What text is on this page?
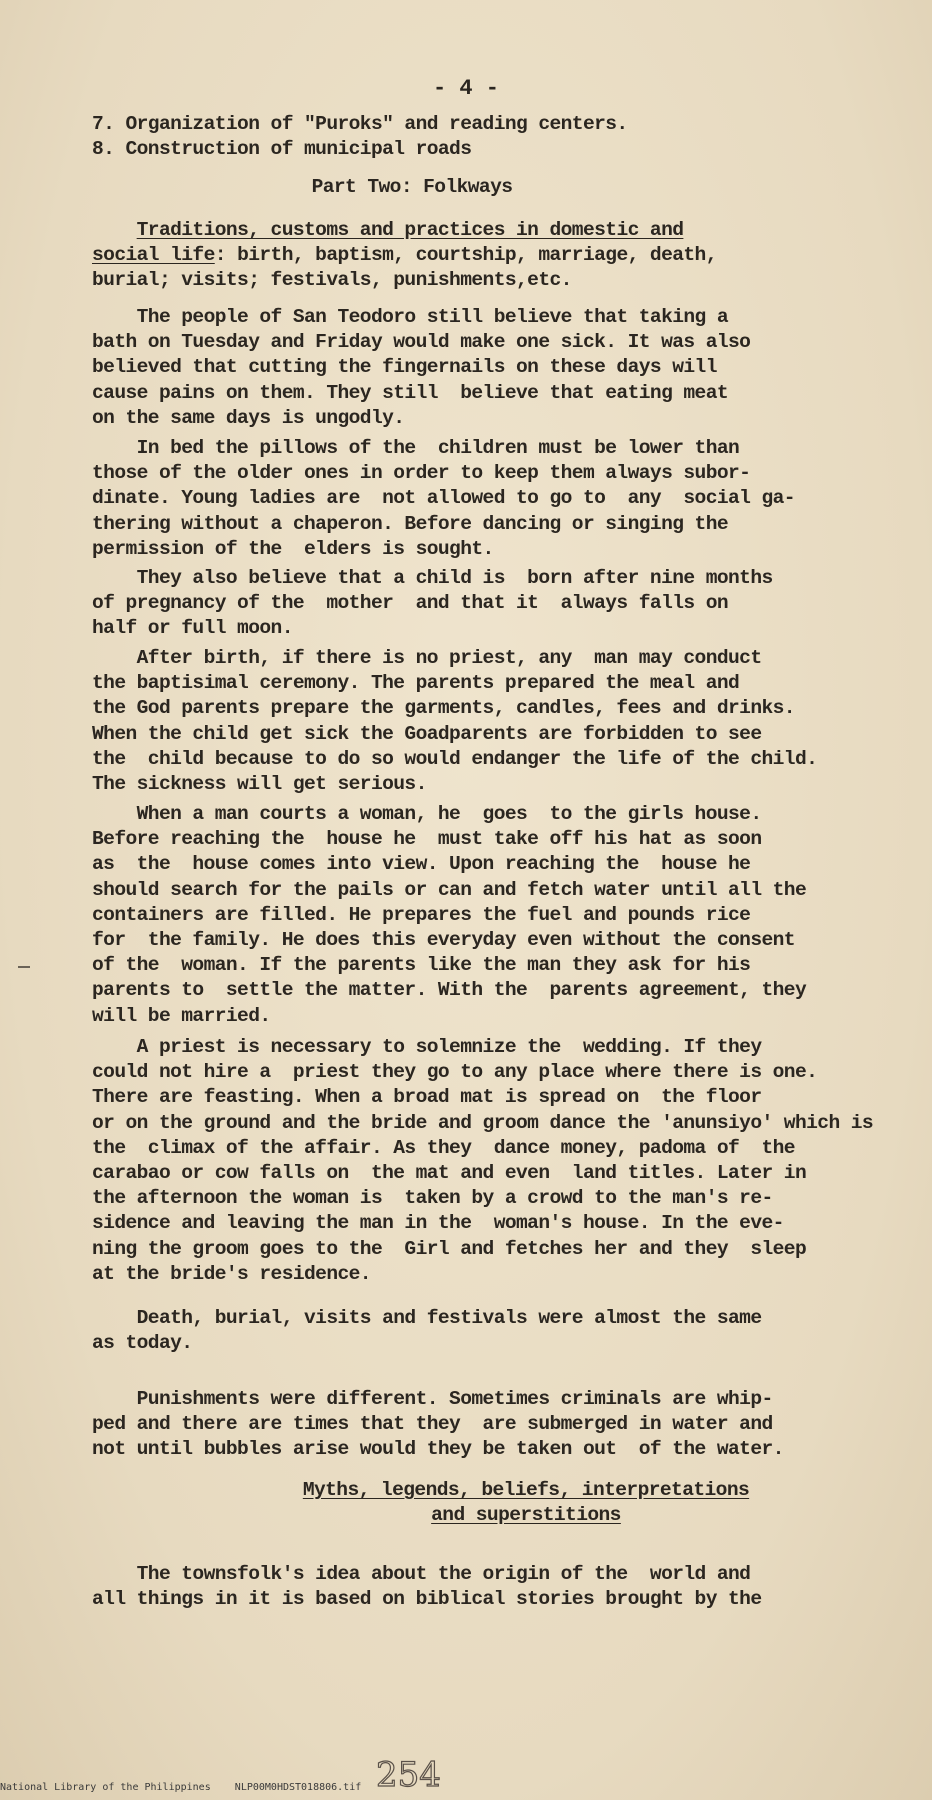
- 4 -

7. Organization of "Puroks" and reading centers.

8. Construction of municipal roads

Part Two: Folkways

Traditions, customs and practices in domestic and

social life: birth, baptism, courtship, marriage, death,

burial; visits; festivals, punishments,etc.

The people of San Teodoro still believe that taking a

bath on Tuesday and Friday would make one sick. It was also

believed that cutting the fingernails on these days will

cause pains on them. They still  believe that eating meat

on the same days is ungodly.

In bed the pillows of the  children must be lower than

those of the older ones in order to keep them always subor-

dinate. Young ladies are  not allowed to go to  any  social ga-

thering without a chaperon. Before dancing or singing the

permission of the  elders is sought.

They also believe that a child is  born after nine months

of pregnancy of the  mother  and that it  always falls on

half or full moon.

After birth, if there is no priest, any  man may conduct

the baptisimal ceremony. The parents prepared the meal and

the God parents prepare the garments, candles, fees and drinks.

When the child get sick the Goadparents are forbidden to see

the  child because to do so would endanger the life of the child.

The sickness will get serious.

When a man courts a woman, he  goes  to the girls house.

Before reaching the  house he  must take off his hat as soon

as  the  house comes into view. Upon reaching the  house he

should search for the pails or can and fetch water until all the

containers are filled. He prepares the fuel and pounds rice

for  the family. He does this everyday even without the consent

of the  woman. If the parents like the man they ask for his

parents to  settle the matter. With the  parents agreement, they

will be married.

A priest is necessary to solemnize the  wedding. If they

could not hire a  priest they go to any place where there is one.

There are feasting. When a broad mat is spread on  the floor

or on the ground and the bride and groom dance the 'anunsiyo' which is

the  climax of the affair. As they  dance money, padoma of  the

carabao or cow falls on  the mat and even  land titles. Later in

the afternoon the woman is  taken by a crowd to the man's re-

sidence and leaving the man in the  woman's house. In the eve-

ning the groom goes to the  Girl and fetches her and they  sleep

at the bride's residence.

Death, burial, visits and festivals were almost the same

as today.

Punishments were different. Sometimes criminals are whip-

ped and there are times that they  are submerged in water and

not until bubbles arise would they be taken out  of the water.

Myths, legends, beliefs, interpretations

and superstitions

The townsfolk's idea about the origin of the  world and

all things in it is based on biblical stories brought by the

254
National Library of the Philippines    NLP00M0HDST018806.tif
